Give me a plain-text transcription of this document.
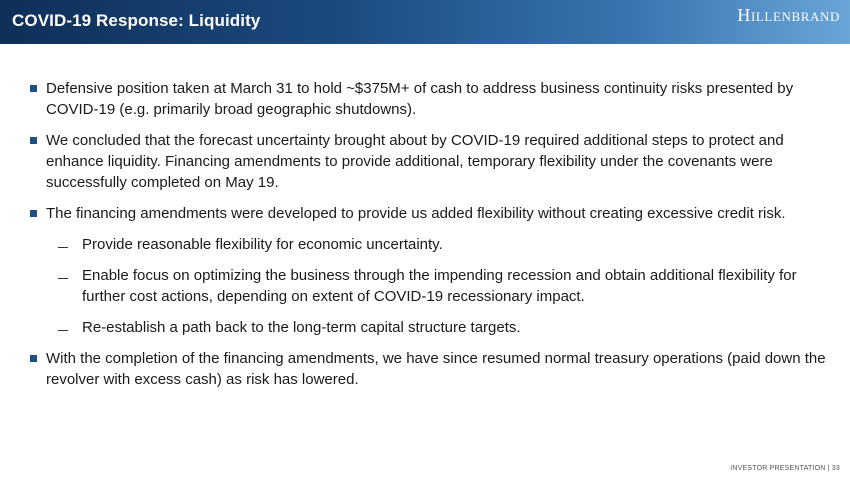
COVID-19 Response: Liquidity	HILLENBRAND
Defensive position taken at March 31 to hold ~$375M+ of cash to address business continuity risks presented by COVID-19 (e.g. primarily broad geographic shutdowns).
We concluded that the forecast uncertainty brought about by COVID-19 required additional steps to protect and enhance liquidity. Financing amendments to provide additional, temporary flexibility under the covenants were successfully completed on May 19.
The financing amendments were developed to provide us added flexibility without creating excessive credit risk.
Provide reasonable flexibility for economic uncertainty.
Enable focus on optimizing the business through the impending recession and obtain additional flexibility for further cost actions, depending on extent of COVID-19 recessionary impact.
Re-establish a path back to the long-term capital structure targets.
With the completion of the financing amendments, we have since resumed normal treasury operations (paid down the revolver with excess cash) as risk has lowered.
INVESTOR PRESENTATION | 33
